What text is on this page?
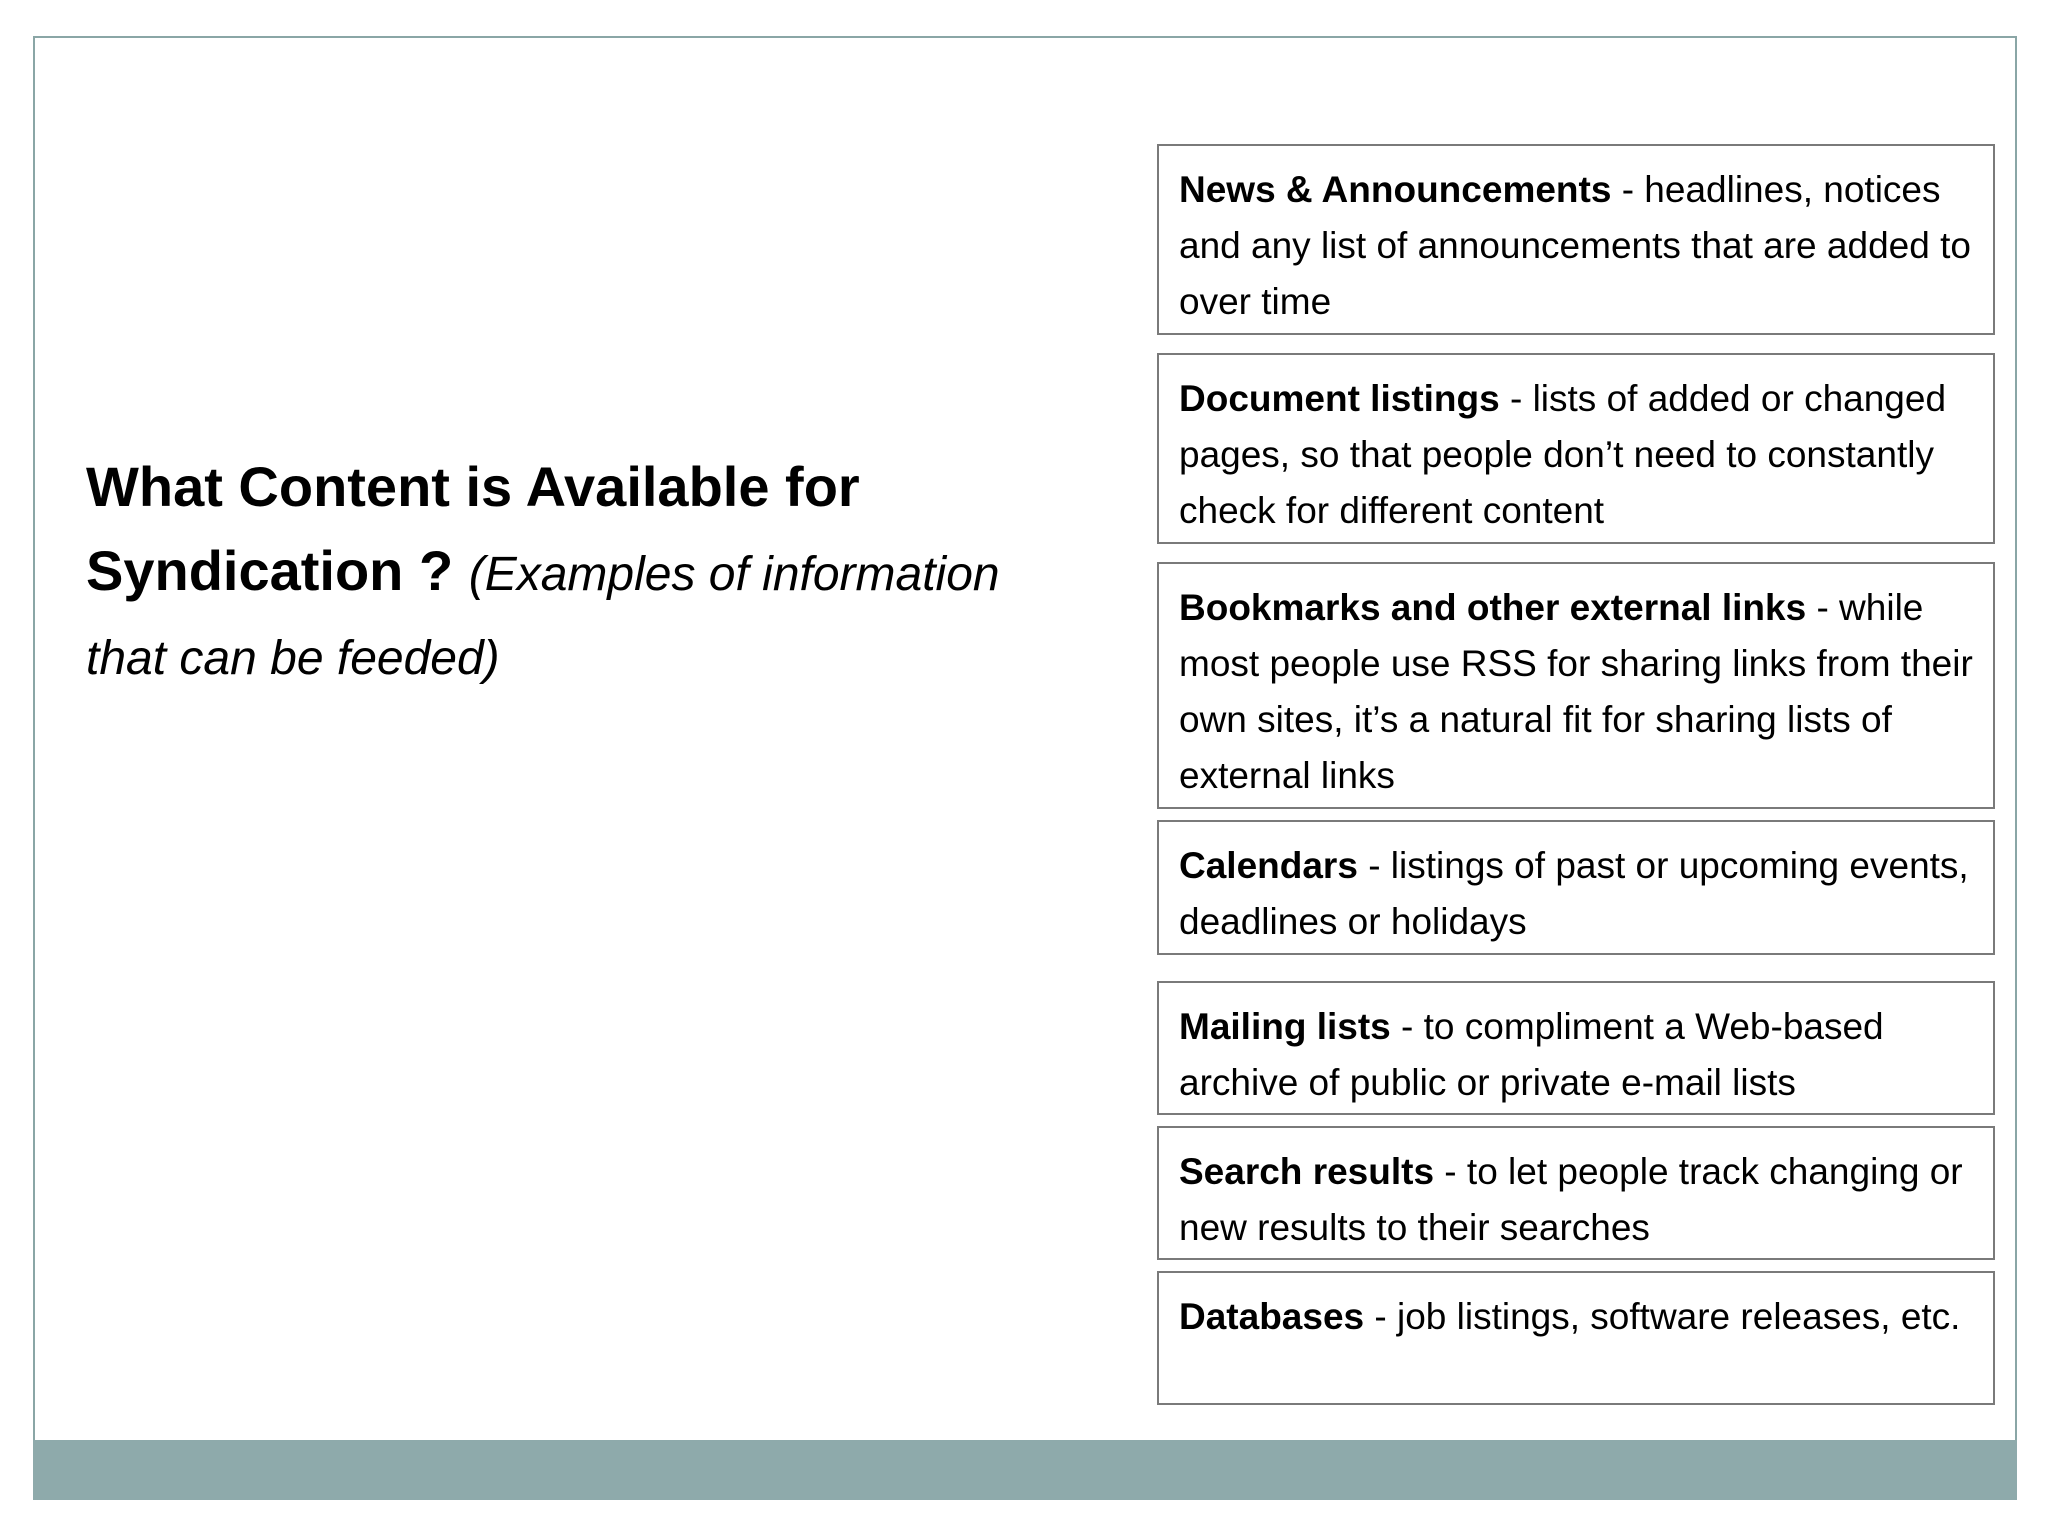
What Content is Available for Syndication ? (Examples of information that can be feeded)
News & Announcements - headlines, notices and any list of announcements that are added to over time
Document listings - lists of added or changed pages, so that people don’t need to constantly check for different content
Bookmarks and other external links - while most people use RSS for sharing links from their own sites, it’s a natural fit for sharing lists of external links
Calendars - listings of past or upcoming events, deadlines or holidays
Mailing lists - to compliment a Web-based archive of public or private e-mail lists
Search results - to let people track changing or new results to their searches
Databases - job listings, software releases, etc.
